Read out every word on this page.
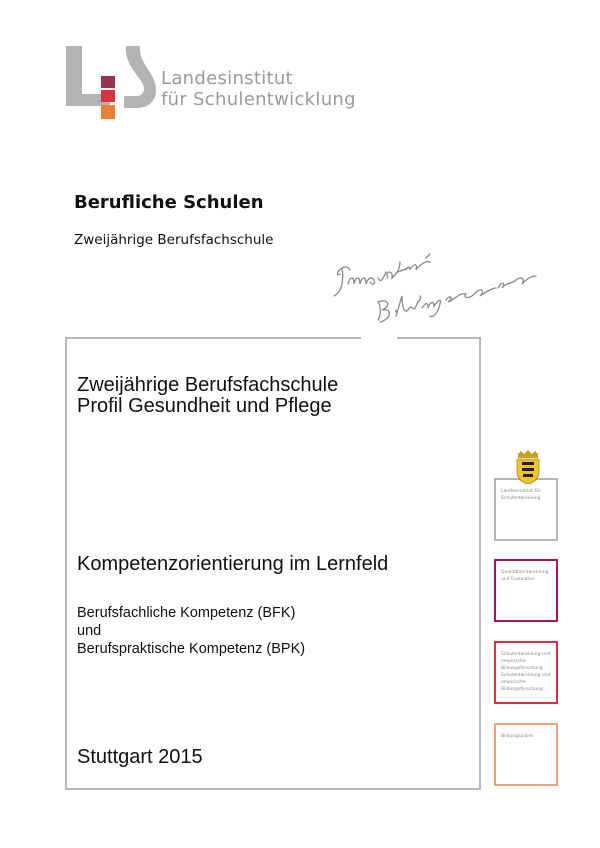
Landesinstitut
für Schulentwicklung
Berufliche Schulen
Zweijährige Berufsfachschule
Zweijährige Berufsfachschule
Profil Gesundheit und Pflege
Kompetenzorientierung im Lernfeld
Berufsfachliche Kompetenz (BFK)
und
Berufspraktische Kompetenz (BPK)
Stuttgart 2015
Landesinstitut für Schulentwicklung
Qualitätsentwicklung und Evaluation
Schulentwicklung und empirische Bildungsforschung Schulentwicklung und empirische Bildungsforschung
Bildungspläne
